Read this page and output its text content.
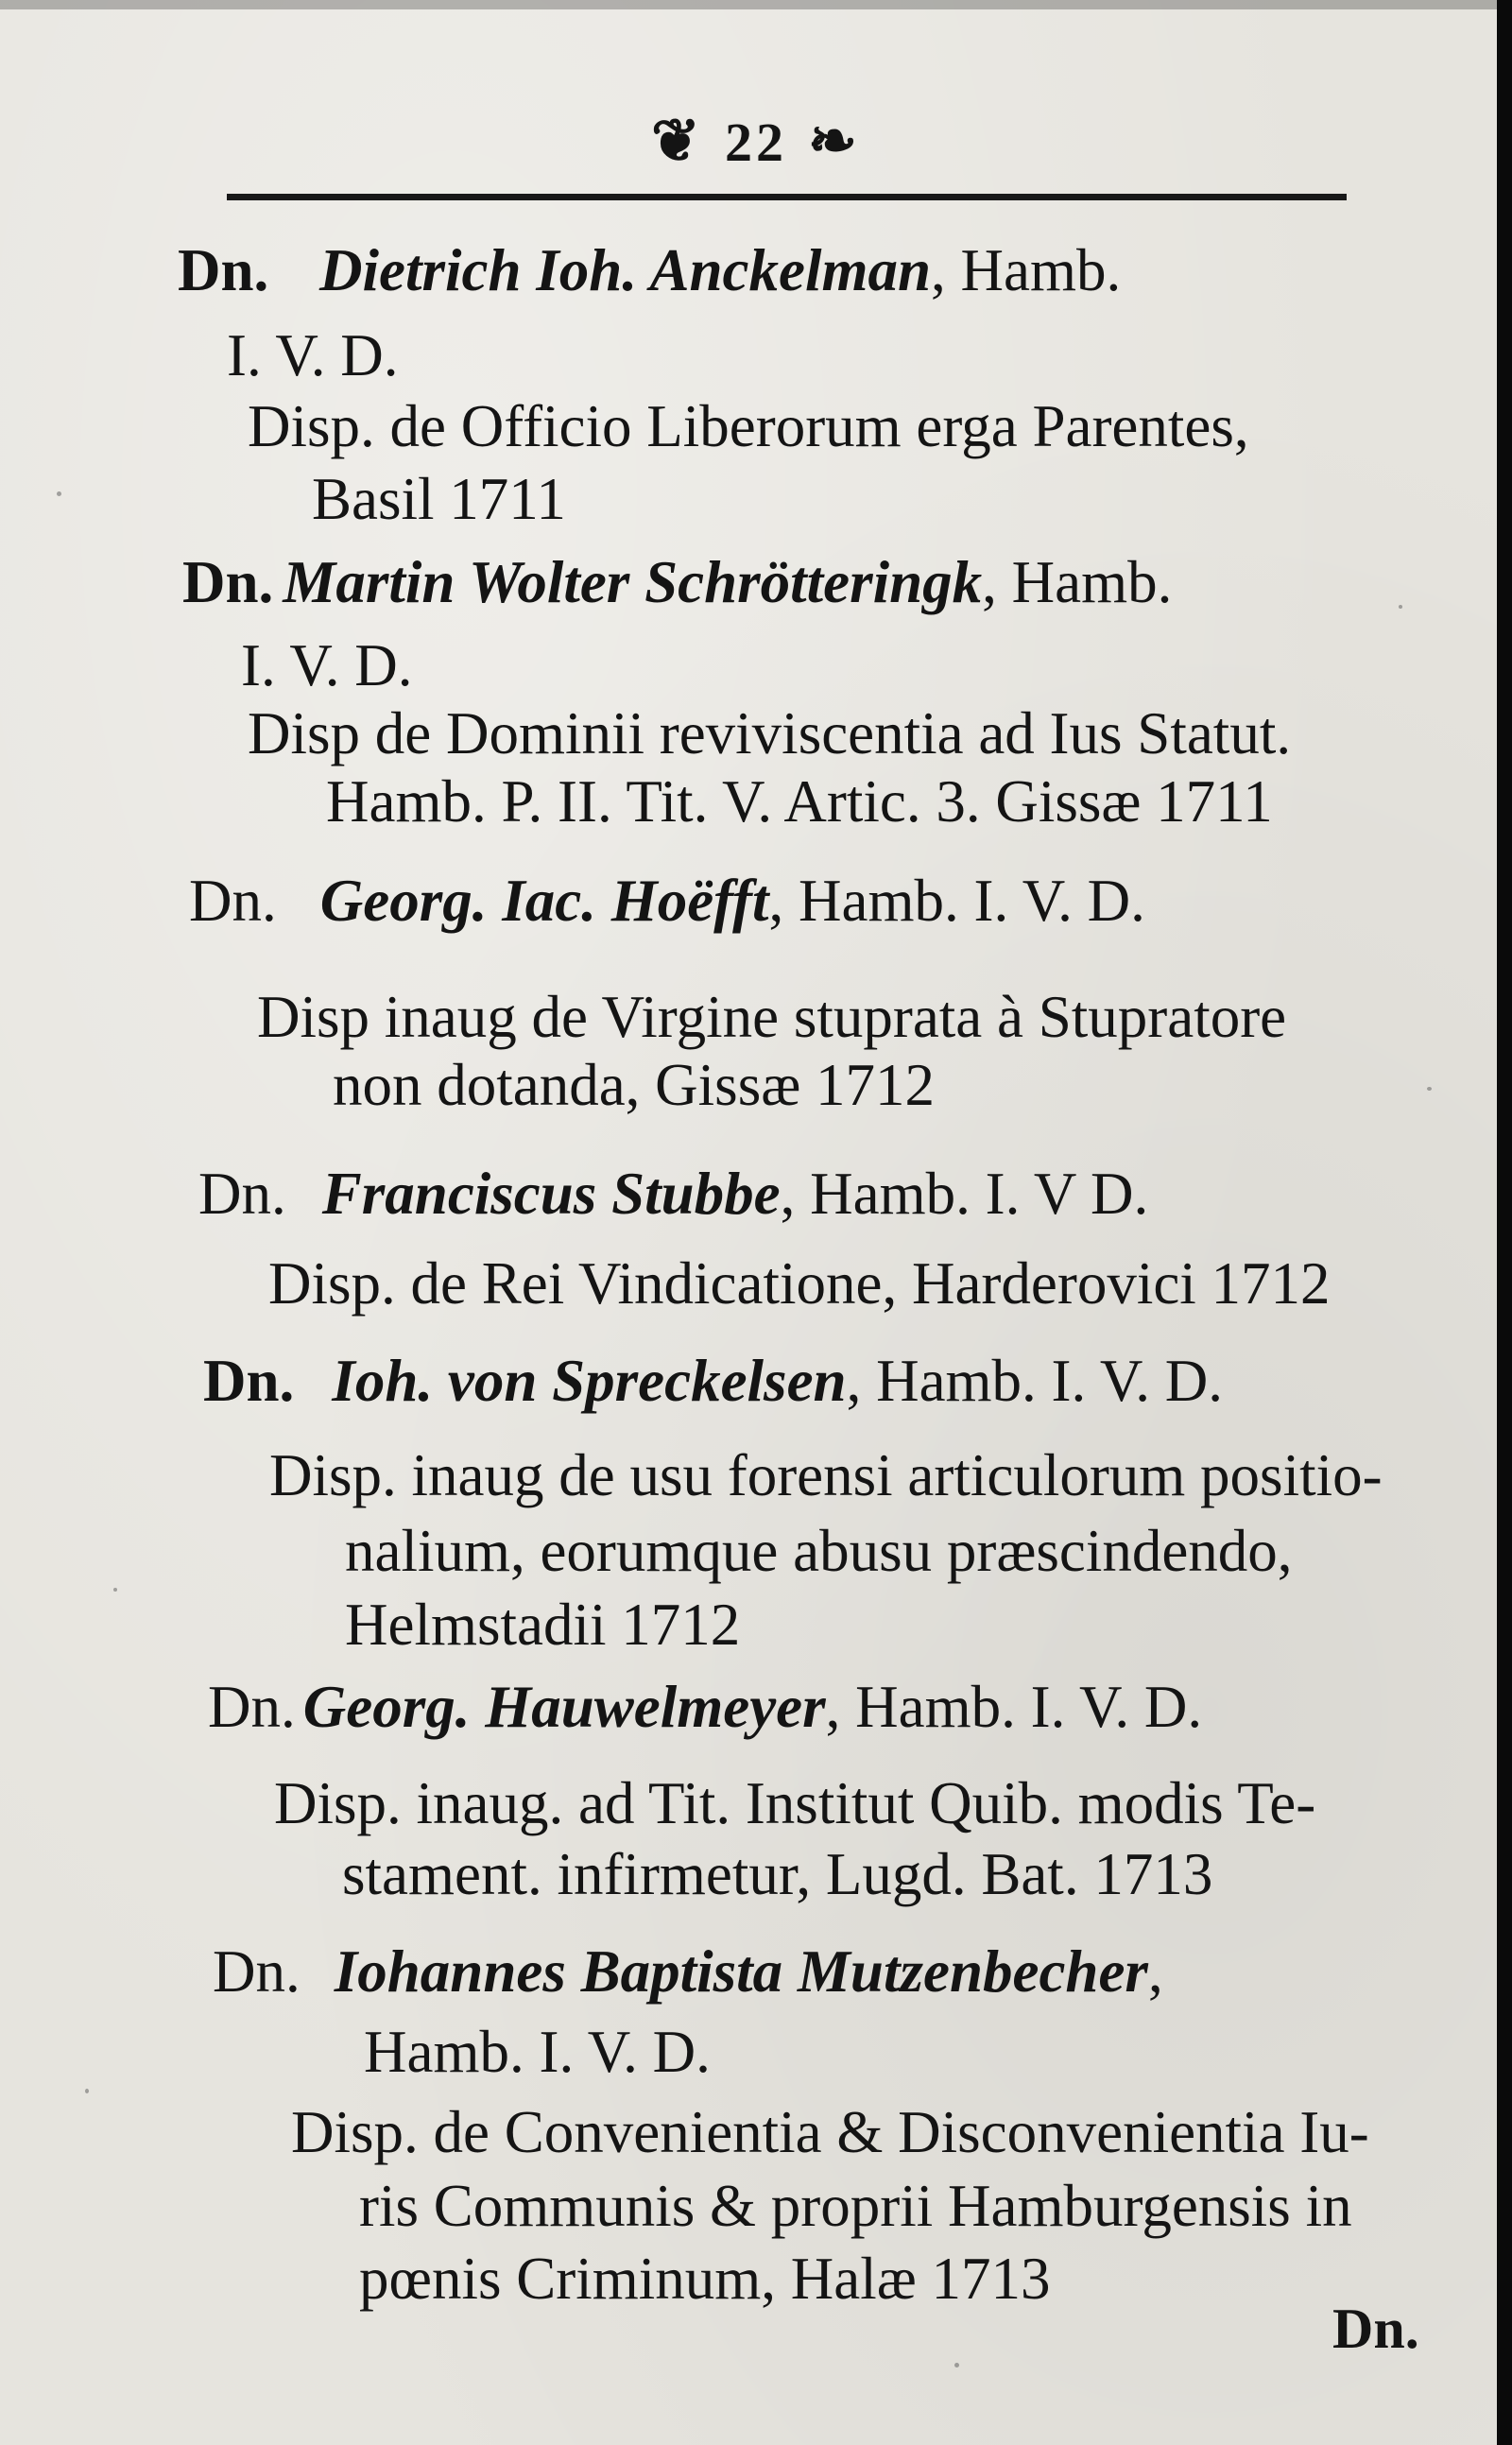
❦ 22 ❧
Dn. Dietrich Ioh. Anckelman, Hamb.
I. V. D.
Disp. de Officio Liberorum erga Parentes,
Basil 1711
Dn. Martin Wolter Schrötteringk, Hamb.
I. V. D.
Disp de Dominii reviviscentia ad Ius Statut.
Hamb. P. II. Tit. V. Artic. 3. Gissæ 1711
Dn. Georg. Iac. Hoëfft, Hamb. I. V. D.
Disp inaug de Virgine stuprata à Stupratore
non dotanda, Gissæ 1712
Dn. Franciscus Stubbe, Hamb. I. V D.
Disp. de Rei Vindicatione, Harderovici 1712
Dn. Ioh. von Spreckelsen, Hamb. I. V. D.
Disp. inaug de usu forensi articulorum positio-
nalium, eorumque abusu præscindendo,
Helmstadii 1712
Dn. Georg. Hauwelmeyer, Hamb. I. V. D.
Disp. inaug. ad Tit. Institut Quib. modis Te-
stament. infirmetur, Lugd. Bat. 1713
Dn. Iohannes Baptista Mutzenbecher,
Hamb. I. V. D.
Disp. de Convenientia & Disconvenientia Iu-
ris Communis & proprii Hamburgensis in
pœnis Criminum, Halæ 1713
Dn.
